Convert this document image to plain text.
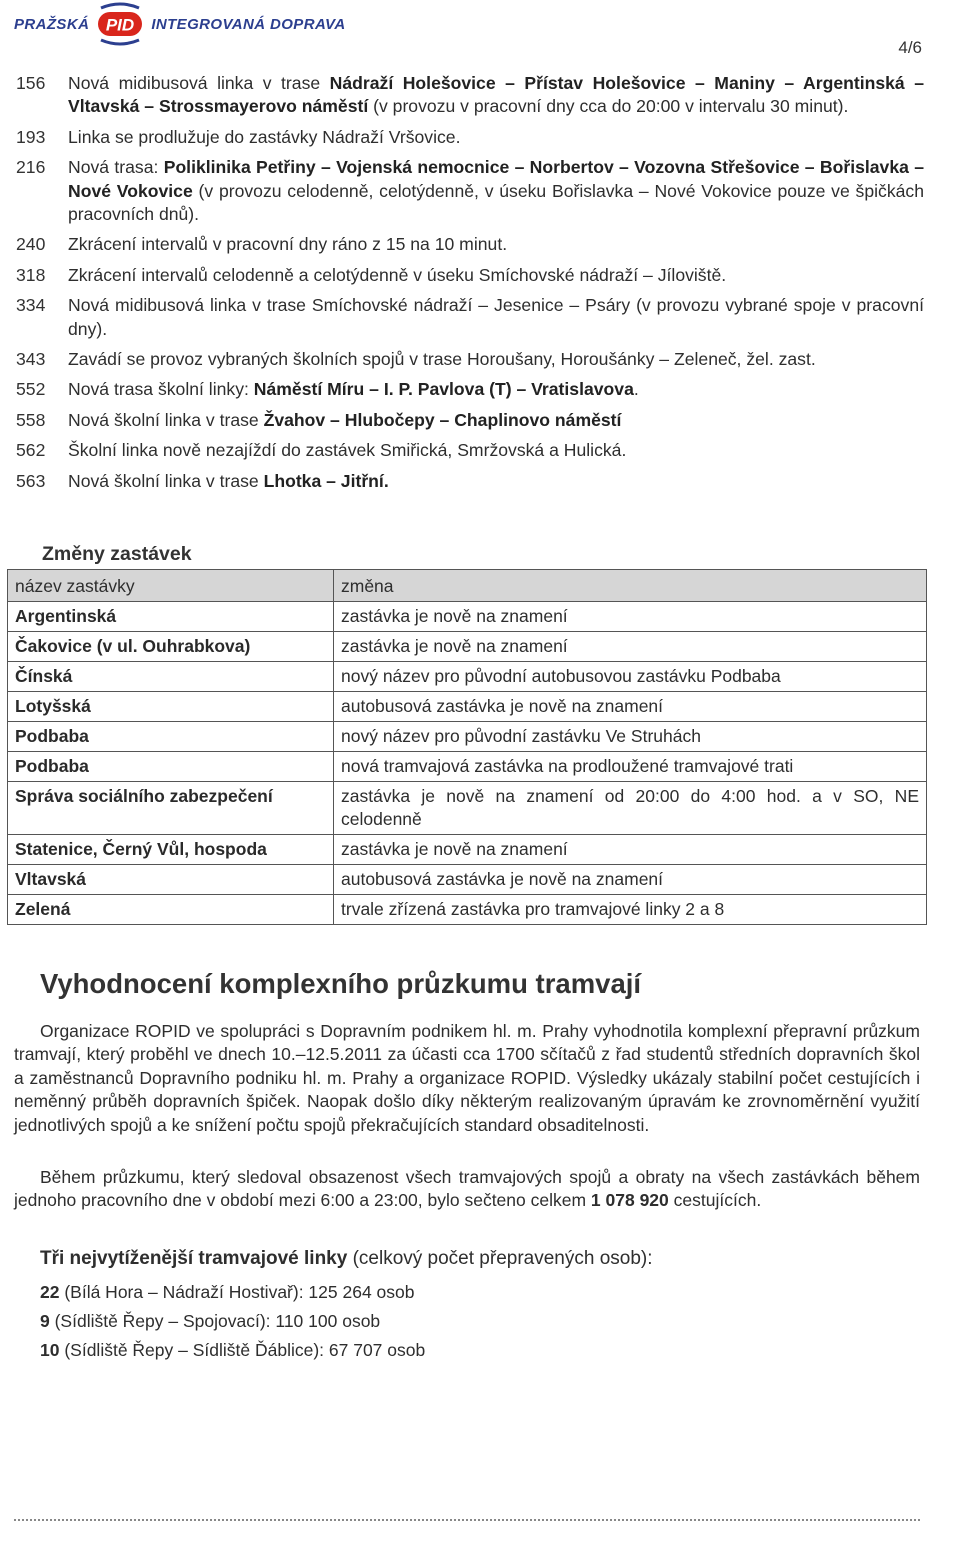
PRAŽSKÁ PID INTEGROVANÁ DOPRAVA
4/6
156	Nová midibusová linka v trase Nádraží Holešovice – Přístav Holešovice – Maniny – Argentinská – Vltavská – Strossmayerovo náměstí (v provozu v pracovní dny cca do 20:00 v intervalu 30 minut).
193	Linka se prodlužuje do zastávky Nádraží Vršovice.
216	Nová trasa: Poliklinika Petřiny – Vojenská nemocnice – Norbertov – Vozovna Střešovice – Bořislavka – Nové Vokovice (v provozu celodenně, celotýdenně, v úseku Bořislavka – Nové Vokovice pouze ve špičkách pracovních dnů).
240	Zkrácení intervalů v pracovní dny ráno z 15 na 10 minut.
318	Zkrácení intervalů celodenně a celotýdenně v úseku Smíchovské nádraží – Jíloviště.
334	Nová midibusová linka v trase Smíchovské nádraží – Jesenice – Psáry (v provozu vybrané spoje v pracovní dny).
343	Zavádí se provoz vybraných školních spojů v trase Horoušany, Horoušánky – Zeleneč, žel. zast.
552	Nová trasa školní linky: Náměstí Míru – I. P. Pavlova (T) – Vratislavova.
558	Nová školní linka v trase Žvahov – Hlubočepy – Chaplinovo náměstí
562	Školní linka nově nezajíždí do zastávek Smiřická, Smržovská a Hulická.
563	Nová školní linka v trase Lhotka – Jitřní.
Změny zastávek
název zastávky	změna
Argentinská	zastávka je nově na znamení
Čakovice (v ul. Ouhrabkova)	zastávka je nově na znamení
Čínská	nový název pro původní autobusovou zastávku Podbaba
Lotyšská	autobusová zastávka je nově na znamení
Podbaba	nový název pro původní zastávku Ve Struhách
Podbaba	nová tramvajová zastávka na prodloužené tramvajové trati
Správa sociálního zabezpečení	zastávka je nově na znamení od 20:00 do 4:00 hod. a v SO, NE celodenně
Statenice, Černý Vůl, hospoda	zastávka je nově na znamení
Vltavská	autobusová zastávka je nově na znamení
Zelená	trvale zřízená zastávka pro tramvajové linky 2 a 8
Vyhodnocení komplexního průzkumu tramvají
Organizace ROPID ve spolupráci s Dopravním podnikem hl. m. Prahy vyhodnotila komplexní přepravní průzkum tramvají, který proběhl ve dnech 10.–12.5.2011 za účasti cca 1700 sčítačů z řad studentů středních dopravních škol a zaměstnanců Dopravního podniku hl. m. Prahy a organizace ROPID. Výsledky ukázaly stabilní počet cestujících i neměnný průběh dopravních špiček. Naopak došlo díky některým realizovaným úpravám ke zrovnoměrnění využití jednotlivých spojů a ke snížení počtu spojů překračujících standard obsaditelnosti.
Během průzkumu, který sledoval obsazenost všech tramvajových spojů a obraty na všech zastávkách během jednoho pracovního dne v období mezi 6:00 a 23:00, bylo sečteno celkem 1 078 920 cestujících.
Tři nejvytíženější tramvajové linky (celkový počet přepravených osob):
22 (Bílá Hora – Nádraží Hostivař): 125 264 osob
9 (Sídliště Řepy – Spojovací): 110 100 osob
10 (Sídliště Řepy – Sídliště Ďáblice): 67 707 osob
